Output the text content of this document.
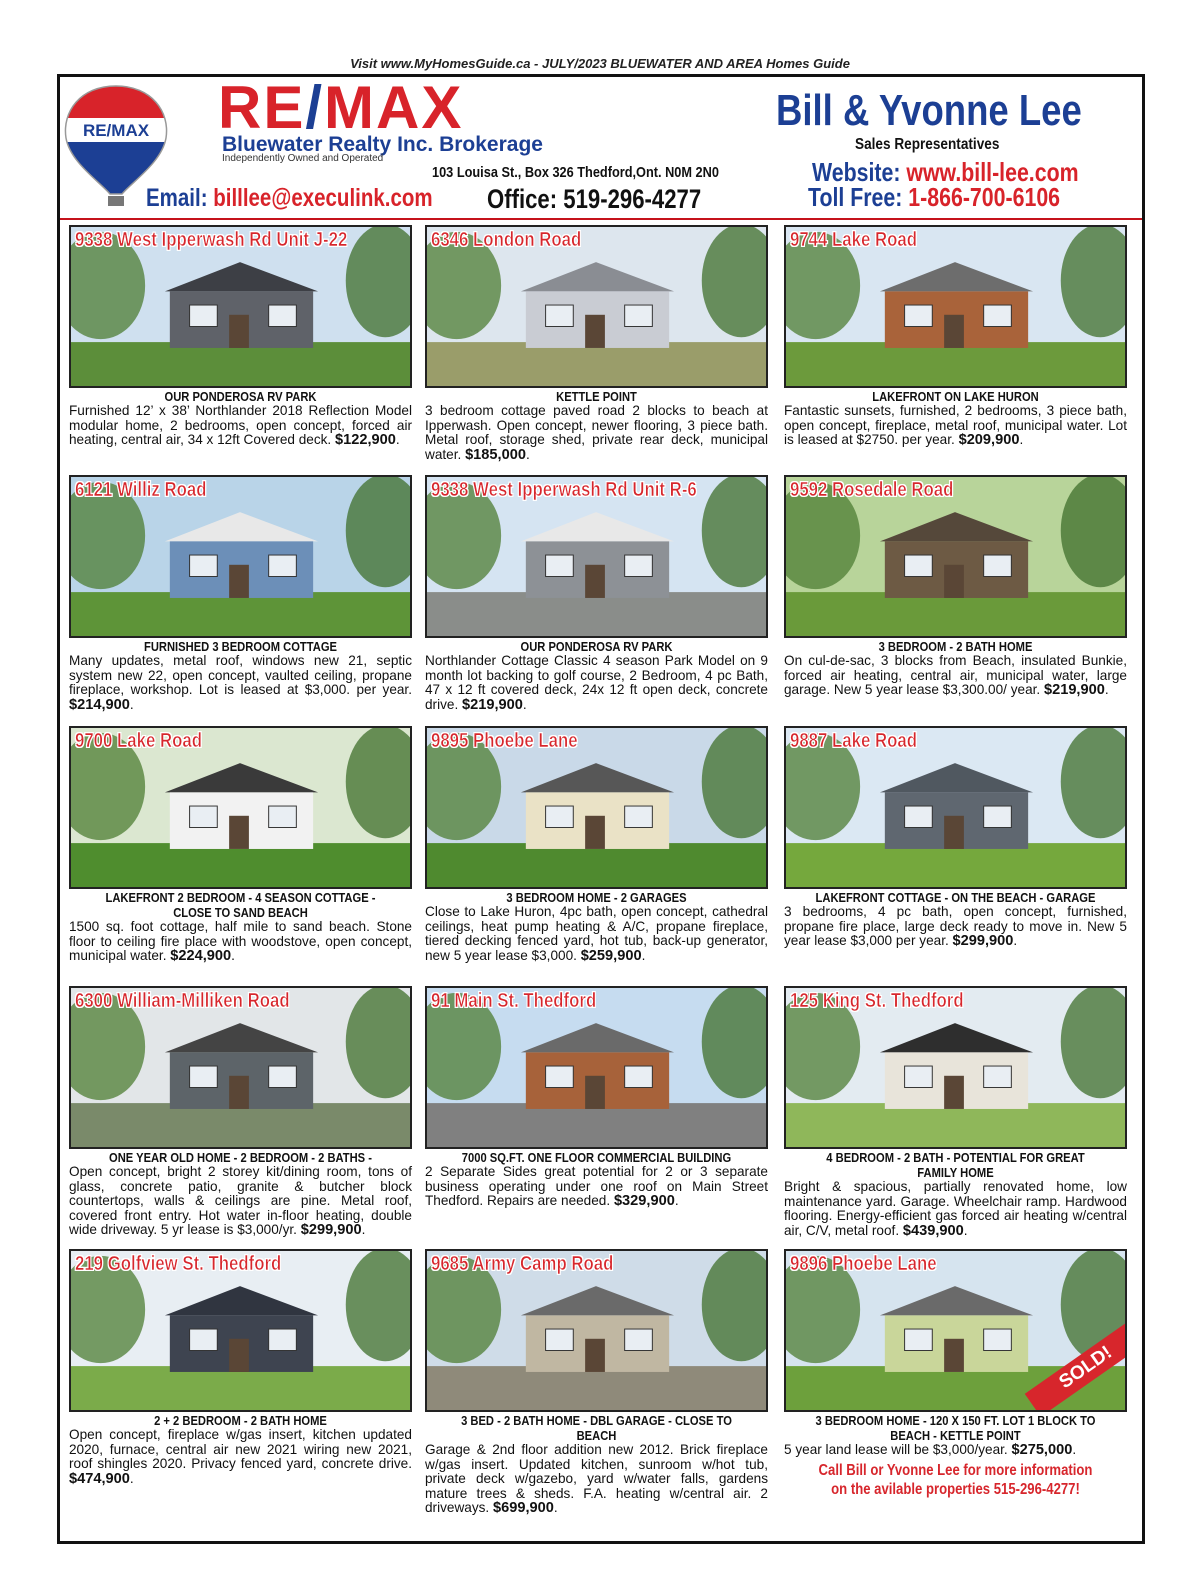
Visit www.MyHomesGuide.ca - JULY/2023 BLUEWATER AND AREA Homes Guide
RE/MAX RE/MAX
Bluewater Realty Inc. Brokerage
Independently Owned and Operated
103 Louisa St., Box 326 Thedford,Ont. N0M 2N0
Email: billlee@execulink.com Office: 519-296-4277
Bill & Yvonne Lee
Sales Representatives
Website: www.bill-lee.com
Toll Free: 1-866-700-6106
9338 West Ipperwash Rd Unit J-22
OUR PONDEROSA RV PARK
Furnished 12’ x 38’ Northlander 2018 Reflection Model modular home, 2 bedrooms, open concept, forced air heating, central air, 34 x 12ft Covered deck. $122,900.
6346 London Road
KETTLE POINT
3 bedroom cottage paved road 2 blocks to beach at Ipperwash. Open concept, newer flooring, 3 piece bath. Metal roof, storage shed, private rear deck, municipal water. $185,000.
9744 Lake Road
LAKEFRONT ON LAKE HURON
Fantastic sunsets, furnished, 2 bedrooms, 3 piece bath, open concept, fireplace, metal roof, municipal water. Lot is leased at $2750. per year. $209,900.
6121 Williz Road
FURNISHED 3 BEDROOM COTTAGE
Many updates, metal roof, windows new 21, septic system new 22, open concept, vaulted ceiling, propane fireplace, workshop. Lot is leased at $3,000. per year. $214,900.
9338 West Ipperwash Rd Unit R-6
OUR PONDEROSA RV PARK
Northlander Cottage Classic 4 season Park Model on 9 month lot backing to golf course, 2 Bedroom, 4 pc Bath, 47 x 12 ft covered deck, 24x 12 ft open deck, concrete drive. $219,900.
9592 Rosedale Road
3 BEDROOM - 2 BATH HOME
On cul-de-sac, 3 blocks from Beach, insulated Bunkie, forced air heating, central air, municipal water, large garage. New 5 year lease $3,300.00/ year. $219,900.
9700 Lake Road
LAKEFRONT 2 BEDROOM - 4 SEASON COTTAGE - CLOSE TO SAND BEACH
1500 sq. foot cottage, half mile to sand beach. Stone floor to ceiling fire place with woodstove, open concept, municipal water. $224,900.
9895 Phoebe Lane
3 BEDROOM HOME - 2 GARAGES
Close to Lake Huron, 4pc bath, open concept, cathedral ceilings, heat pump heating & A/C, propane fireplace, tiered decking fenced yard, hot tub, back-up generator, new 5 year lease $3,000. $259,900.
9887 Lake Road
LAKEFRONT COTTAGE - ON THE BEACH - GARAGE
3 bedrooms, 4 pc bath, open concept, furnished, propane fire place, large deck ready to move in. New 5 year lease $3,000 per year. $299,900.
6300 William-Milliken Road
ONE YEAR OLD HOME - 2 BEDROOM - 2 BATHS -
Open concept, bright 2 storey kit/dining room, tons of glass, concrete patio, granite & butcher block countertops, walls & ceilings are pine. Metal roof, covered front entry. Hot water in-floor heating, double wide driveway. 5 yr lease is $3,000/yr. $299,900.
91 Main St. Thedford
7000 SQ.FT. ONE FLOOR COMMERCIAL BUILDING
2 Separate Sides great potential for 2 or 3 separate business operating under one roof on Main Street Thedford. Repairs are needed. $329,900.
125 King St. Thedford
4 BEDROOM - 2 BATH - POTENTIAL FOR GREAT FAMILY HOME
Bright & spacious, partially renovated home, low maintenance yard. Garage. Wheelchair ramp. Hardwood flooring. Energy-efficient gas forced air heating w/central air, C/V, metal roof. $439,900.
219 Golfview St. Thedford
2 + 2 BEDROOM - 2 BATH HOME
Open concept, fireplace w/gas insert, kitchen updated 2020, furnace, central air new 2021 wiring new 2021, roof shingles 2020. Privacy fenced yard, concrete drive. $474,900.
9685 Army Camp Road
3 BED - 2 BATH HOME - DBL GARAGE - CLOSE TO BEACH
Garage & 2nd floor addition new 2012. Brick fireplace w/gas insert. Updated kitchen, sunroom w/hot tub, private deck w/gazebo, yard w/water falls, gardens mature trees & sheds. F.A. heating w/central air. 2 driveways. $699,900.
9896 Phoebe Lane
SOLD!
3 BEDROOM HOME - 120 X 150 FT. LOT 1 BLOCK TO BEACH - KETTLE POINT
5 year land lease will be $3,000/year. $275,000.
Call Bill or Yvonne Lee for more information
on the avilable properties 515-296-4277!
